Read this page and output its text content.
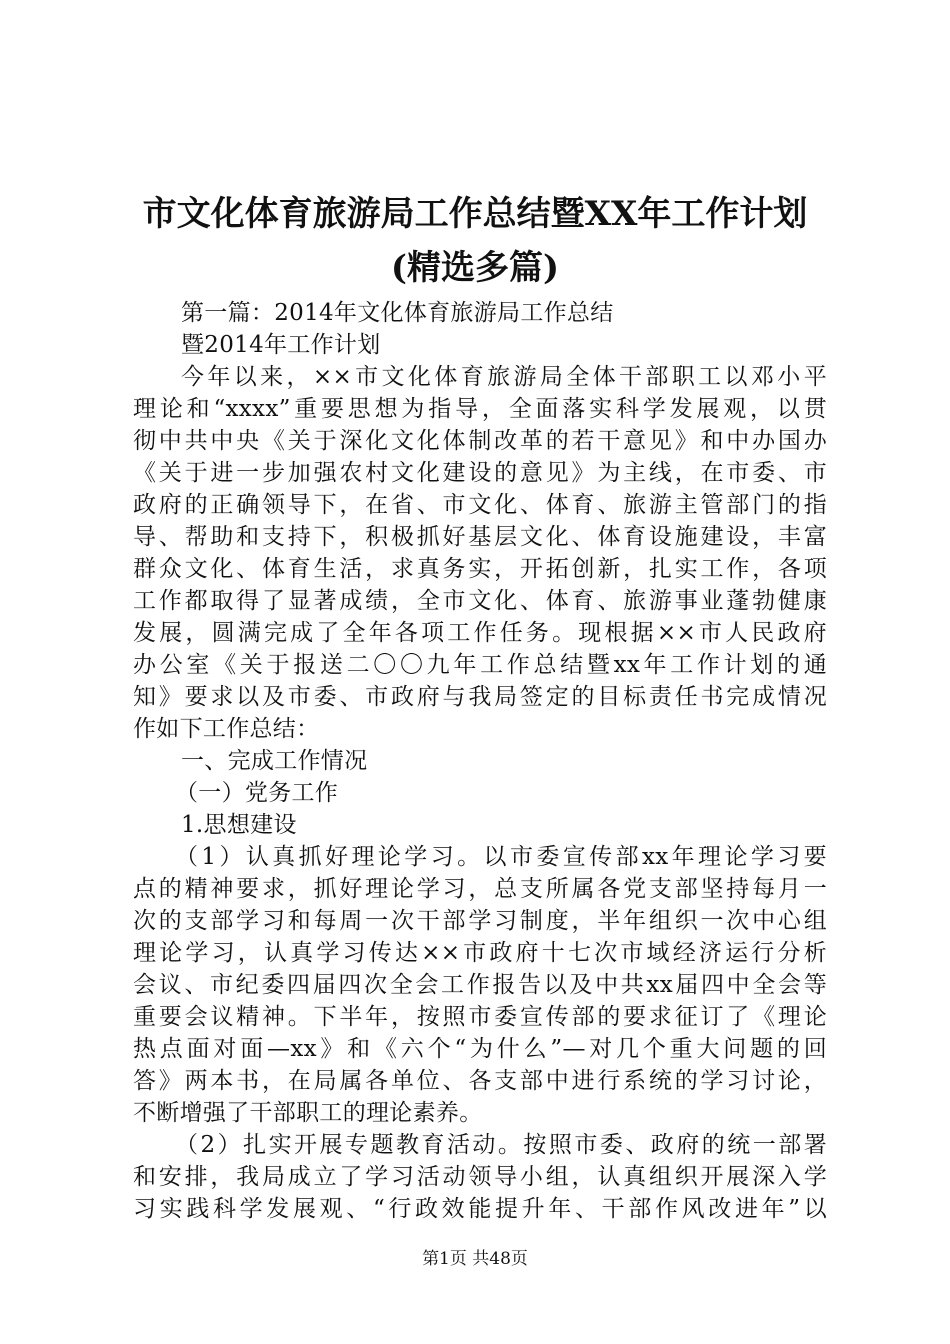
市文化体育旅游局工作总结暨XX年工作计划
(精选多篇)
第一篇：2014年文化体育旅游局工作总结
暨2014年工作计划
今年以来，××市文化体育旅游局全体干部职工以邓小平
理论和“xxxx”重要思想为指导，全面落实科学发展观，以贯
彻中共中央《关于深化文化体制改革的若干意见》和中办国办
《关于进一步加强农村文化建设的意见》为主线，在市委、市
政府的正确领导下，在省、市文化、体育、旅游主管部门的指
导、帮助和支持下，积极抓好基层文化、体育设施建设，丰富
群众文化、体育生活，求真务实，开拓创新，扎实工作，各项
工作都取得了显著成绩，全市文化、体育、旅游事业蓬勃健康
发展，圆满完成了全年各项工作任务。现根据××市人民政府
办公室《关于报送二〇〇九年工作总结暨xx年工作计划的通
知》要求以及市委、市政府与我局签定的目标责任书完成情况
作如下工作总结：
一、完成工作情况
（一）党务工作
1.思想建设
（1）认真抓好理论学习。以市委宣传部xx年理论学习要
点的精神要求，抓好理论学习，总支所属各党支部坚持每月一
次的支部学习和每周一次干部学习制度，半年组织一次中心组
理论学习，认真学习传达××市政府十七次市域经济运行分析
会议、市纪委四届四次全会工作报告以及中共xx届四中全会等
重要会议精神。下半年，按照市委宣传部的要求征订了《理论
热点面对面—xx》和《六个“为什么”—对几个重大问题的回
答》两本书，在局属各单位、各支部中进行系统的学习讨论，
不断增强了干部职工的理论素养。
（2）扎实开展专题教育活动。按照市委、政府的统一部署
和安排，我局成立了学习活动领导小组，认真组织开展深入学
习实践科学发展观、“行政效能提升年、干部作风改进年”以
第1页 共48页
